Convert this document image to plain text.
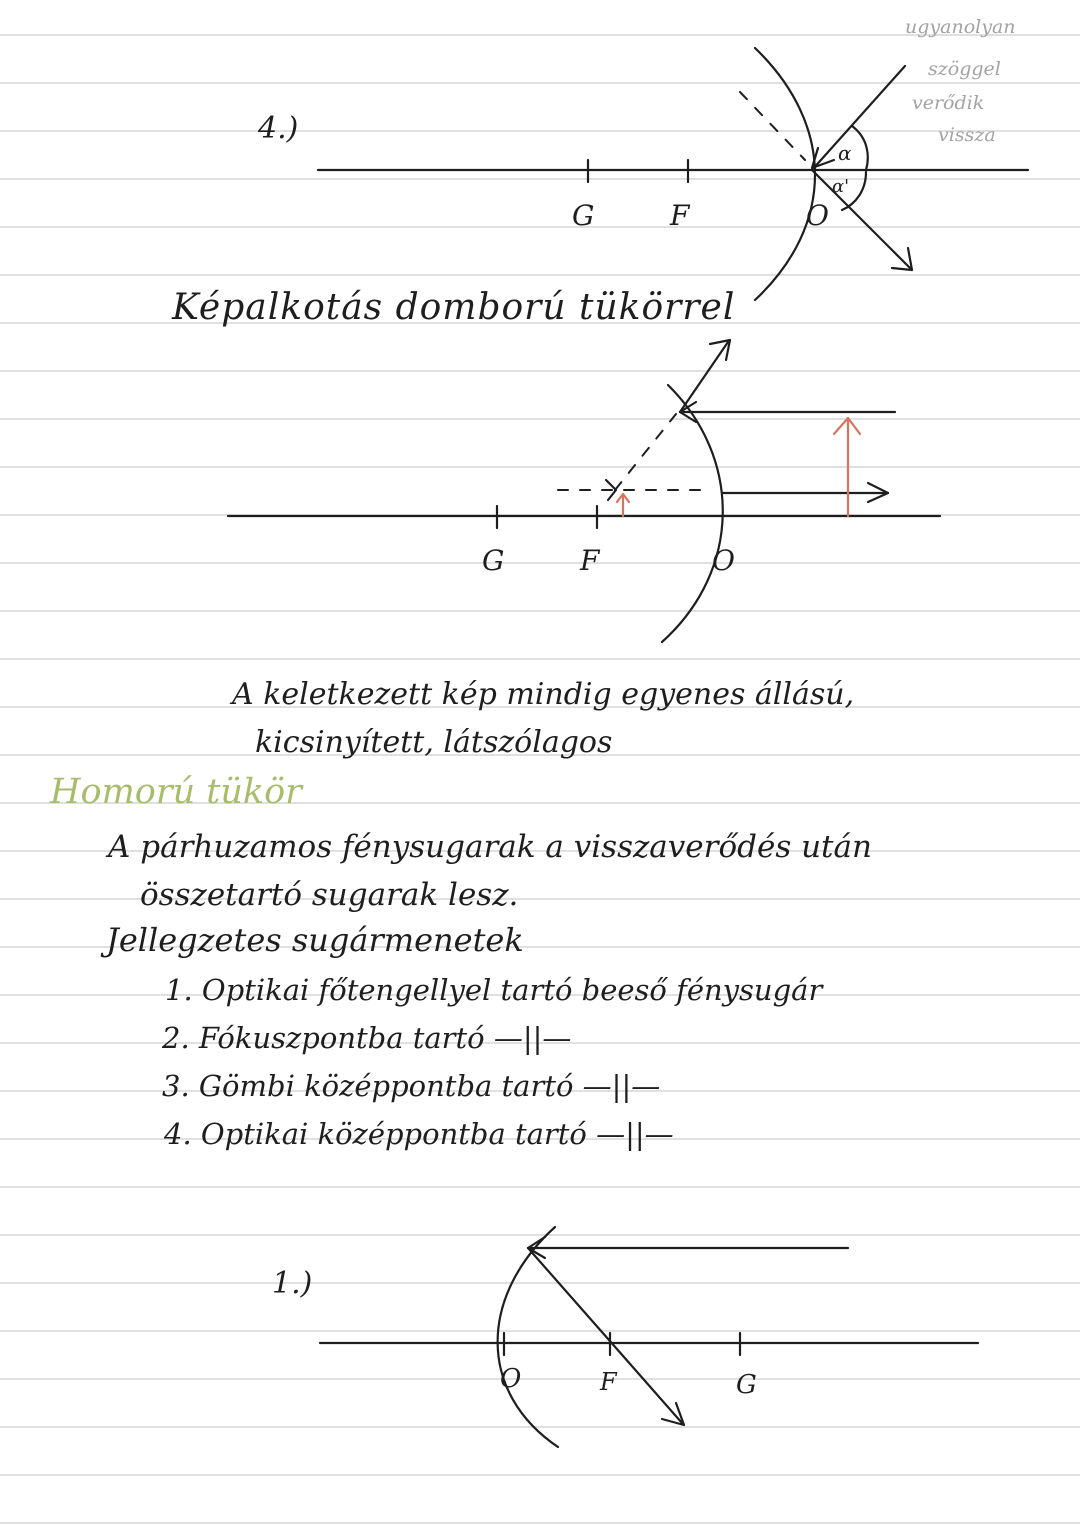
4.)
G	F	O
α
α'
ugyanolyan
szöggel
verődik
vissza
Képalkotás domború tükörrel
G	F	O
A keletkezett kép mindig egyenes állású,
kicsinyített, látszólagos
Homorú tükör
A párhuzamos fénysugarak a visszaverődés után
összetartó sugarak lesz.
Jellegzetes sugármenetek
1. Optikai főtengellyel tartó beeső fénysugár
2. Fókuszpontba tartó —||—
3. Gömbi középpontba tartó —||—
4. Optikai középpontba tartó —||—
1.)
O	F	G
